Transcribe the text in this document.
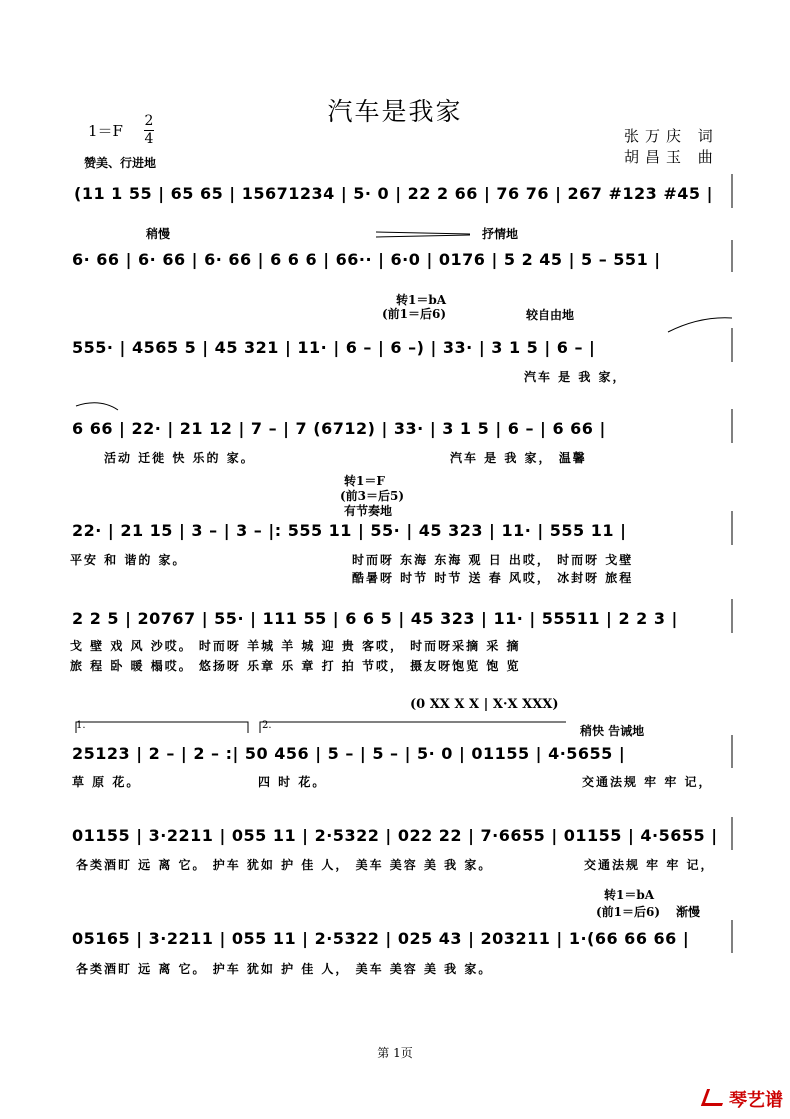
汽车是我家
1＝F
2
4	张万庆 词
胡昌玉 曲
赞美、行进地
稍慢	抒情地
转1＝bA
(前1＝后6)	较自由地
转1＝F
(前3＝后5)
有节奏地
(0 XX X X | X·X XXX)
1.	2.	稍快 告诫地
转1＝bA
(前1＝后6) 渐慢
(11 1 55 | 65 65 | 15671234 | 5· 0 | 22 2 66 | 76 76 | 267 #123 #45 |
6· 66 | 6· 66 | 6· 66 | 6 6 6 | 66·· | 6·0 | 0176 | 5 2 45 | 5 – 551 |
555· | 4565 5 | 45 321 | 11· | 6 – | 6 –) | 33· | 3 1 5 | 6 – |
6 66 | 22· | 21 12 | 7 – | 7 (6712) | 33· | 3 1 5 | 6 – | 6 66 |
22· | 21 15 | 3 – | 3 – |: 555 11 | 55· | 45 323 | 11· | 555 11 |
2 2 5 | 20767 | 55· | 111 55 | 6 6 5 | 45 323 | 11· | 55511 | 2 2 3 |
25123 | 2 – | 2 – :| 50 456 | 5 – | 5 – | 5· 0 | 01155 | 4·5655 |
01155 | 3·2211 | 055 11 | 2·5322 | 022 22 | 7·6655 | 01155 | 4·5655 |
05165 | 3·2211 | 055 11 | 2·5322 | 025 43 | 203211 | 1·(66 66 66 |
汽车 是 我 家，
活动 迁徙 快 乐的 家。	汽车 是 我 家， 温馨
平安 和 谐的 家。	时而呀 东海 东海 观 日 出哎， 时而呀 戈壁
酷暑呀 时节 时节 送 春 风哎， 冰封呀 旅程
戈 壁 戏 风 沙哎。 时而呀 羊城 羊 城 迎 贵 客哎， 时而呀采摘 采 摘
旅 程 卧 暖 榻哎。 悠扬呀 乐章 乐 章 打 拍 节哎， 摄友呀饱览 饱 览
草 原 花。	四 时 花。	交通法规 牢 牢 记，
各类酒盯 远 离 它。 护车 犹如 护 佳 人， 美车 美容 美 我 家。	交通法规 牢 牢 记，
各类酒盯 远 离 它。 护车 犹如 护 佳 人， 美车 美容 美 我 家。
第 1页
琴艺谱
